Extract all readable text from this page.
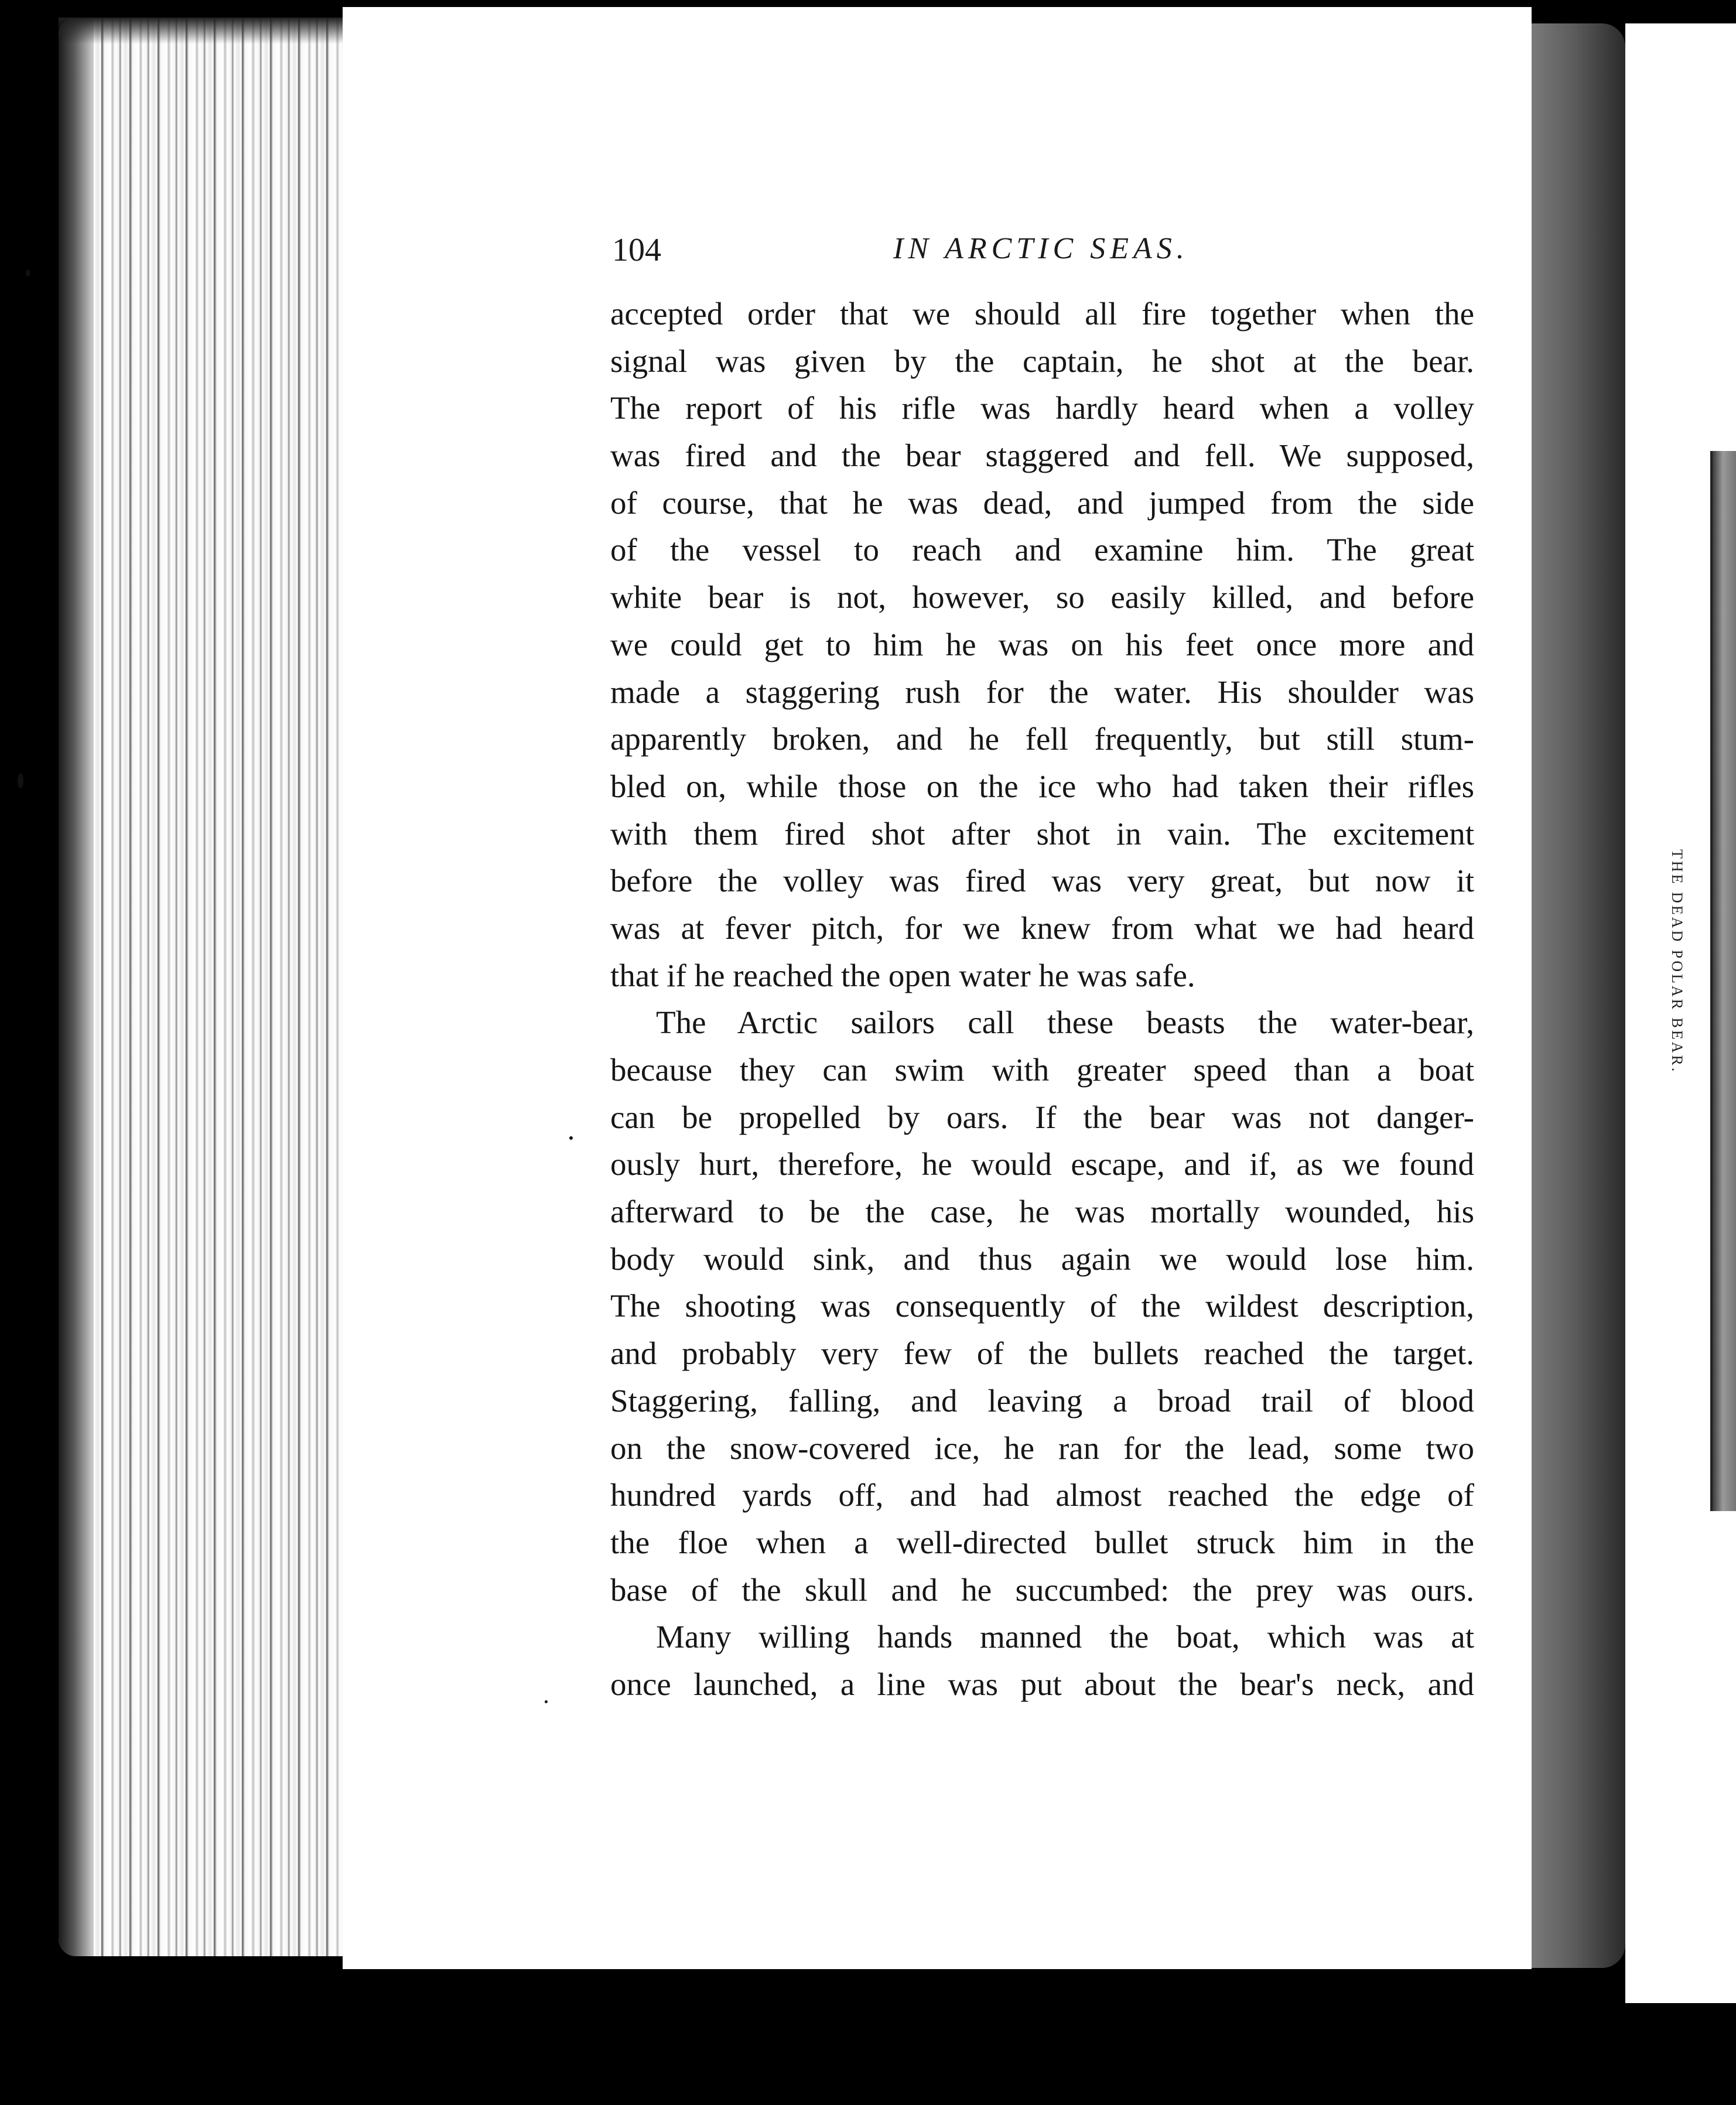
THE DEAD POLAR BEAR.
104	IN ARCTIC SEAS.
accepted order that we should all fire together when the
signal was given by the captain, he shot at the bear.
The report of his rifle was hardly heard when a volley
was fired and the bear staggered and fell. We supposed,
of course, that he was dead, and jumped from the side
of the vessel to reach and examine him. The great
white bear is not, however, so easily killed, and before
we could get to him he was on his feet once more and
made a staggering rush for the water. His shoulder was
apparently broken, and he fell frequently, but still stum-
bled on, while those on the ice who had taken their rifles
with them fired shot after shot in vain. The excitement
before the volley was fired was very great, but now it
was at fever pitch, for we knew from what we had heard
that if he reached the open water he was safe.
The Arctic sailors call these beasts the water-bear,
because they can swim with greater speed than a boat
can be propelled by oars. If the bear was not danger-
ously hurt, therefore, he would escape, and if, as we found
afterward to be the case, he was mortally wounded, his
body would sink, and thus again we would lose him.
The shooting was consequently of the wildest description,
and probably very few of the bullets reached the target.
Staggering, falling, and leaving a broad trail of blood
on the snow-covered ice, he ran for the lead, some two
hundred yards off, and had almost reached the edge of
the floe when a well-directed bullet struck him in the
base of the skull and he succumbed: the prey was ours.
Many willing hands manned the boat, which was at
once launched, a line was put about the bear's neck, and
